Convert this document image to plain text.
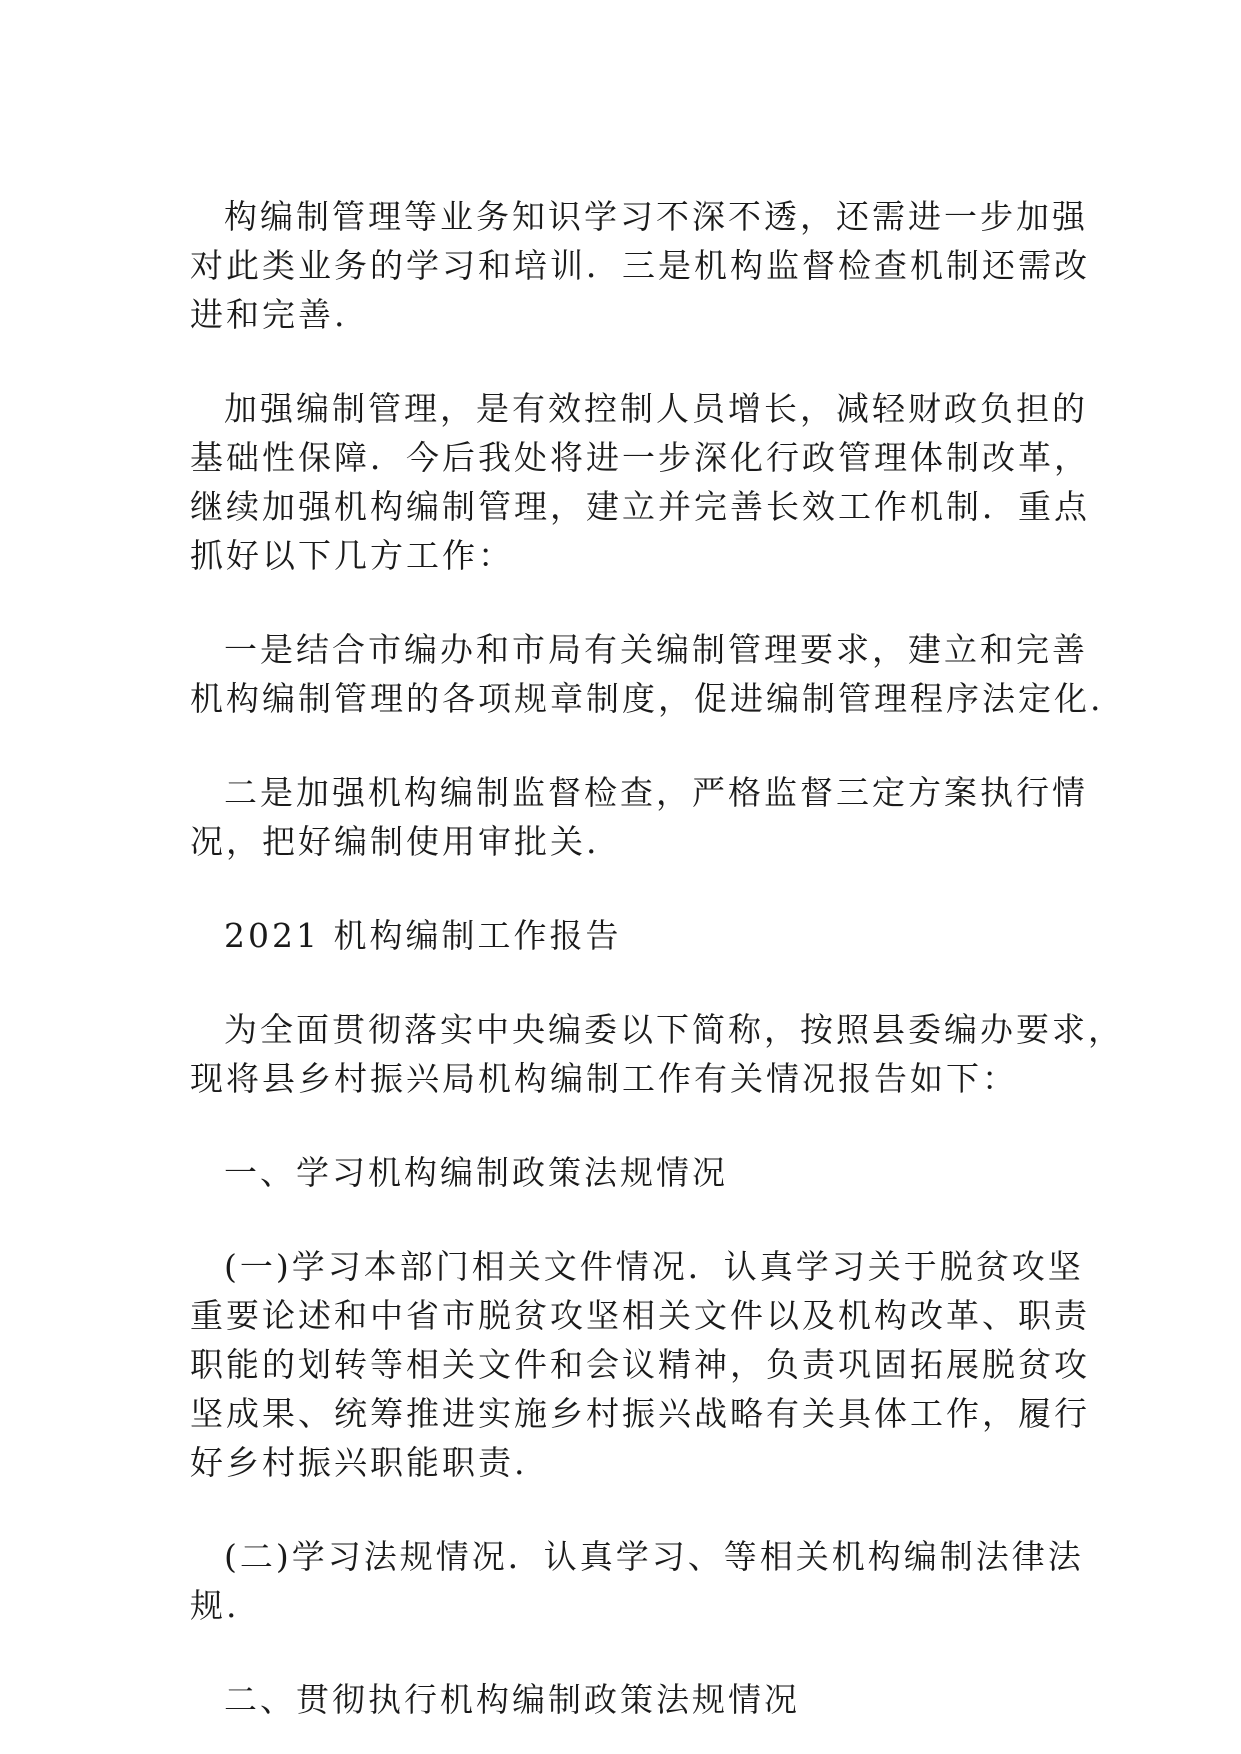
构编制管理等业务知识学习不深不透，还需进一步加强
对此类业务的学习和培训．三是机构监督检查机制还需改
进和完善.
加强编制管理，是有效控制人员增长，减轻财政负担的
基础性保障．今后我处将进一步深化行政管理体制改革，
继续加强机构编制管理，建立并完善长效工作机制．重点
抓好以下几方工作：
一是结合市编办和市局有关编制管理要求，建立和完善
机构编制管理的各项规章制度，促进编制管理程序法定化.
二是加强机构编制监督检查，严格监督三定方案执行情
况，把好编制使用审批关.
2021 机构编制工作报告
为全面贯彻落实中央编委以下简称，按照县委编办要求，
现将县乡村振兴局机构编制工作有关情况报告如下：
一、学习机构编制政策法规情况
(一)学习本部门相关文件情况．认真学习关于脱贫攻坚
重要论述和中省市脱贫攻坚相关文件以及机构改革、职责
职能的划转等相关文件和会议精神，负责巩固拓展脱贫攻
坚成果、统筹推进实施乡村振兴战略有关具体工作，履行
好乡村振兴职能职责.
(二)学习法规情况．认真学习、等相关机构编制法律法
规.
二、贯彻执行机构编制政策法规情况
